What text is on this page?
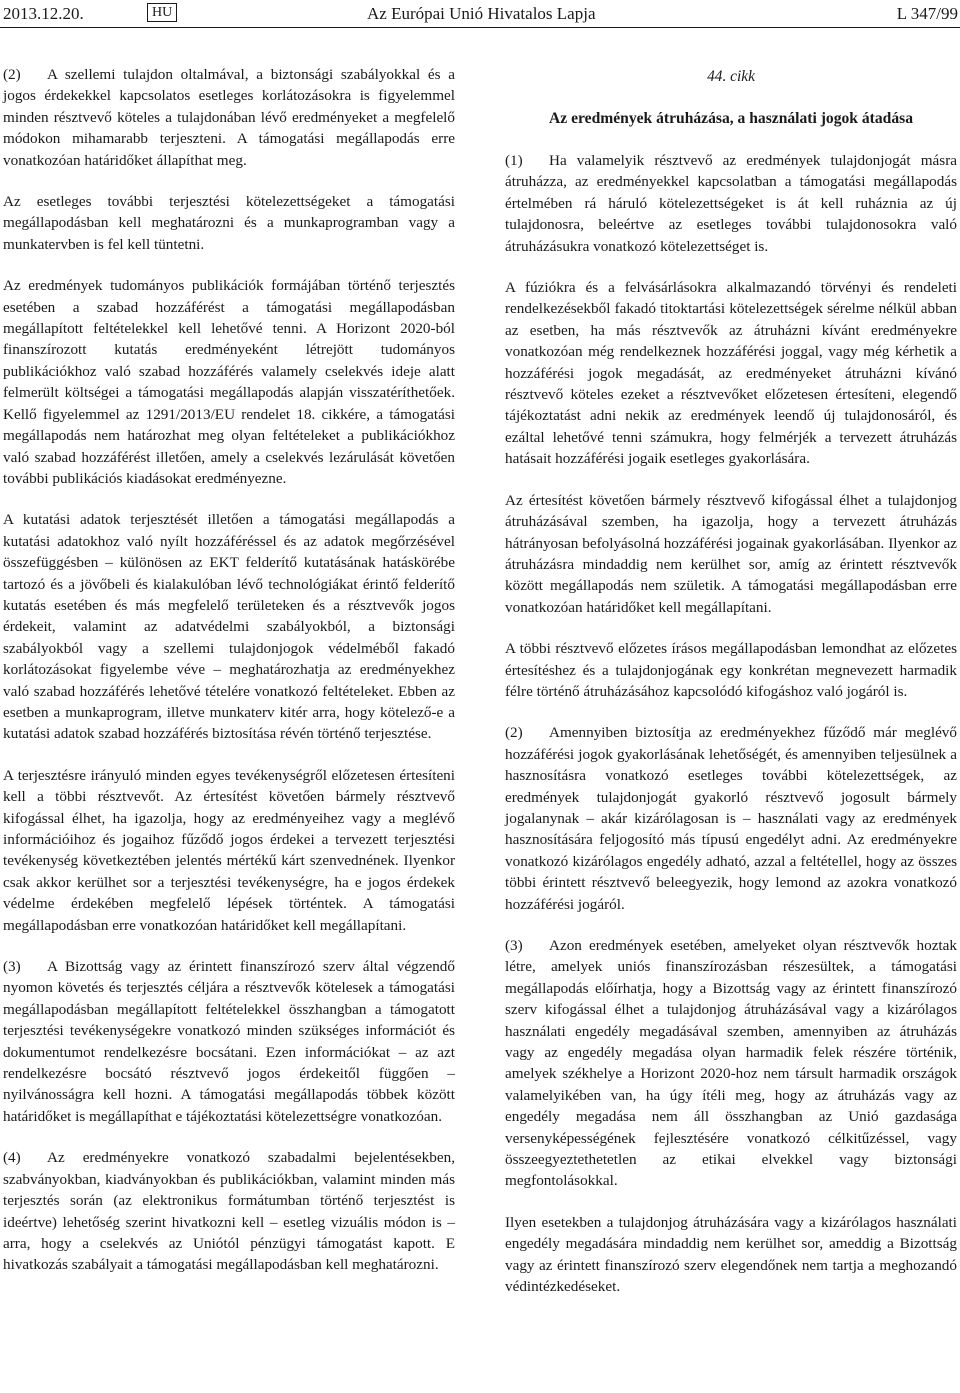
2013.12.20.	HU	Az Európai Unió Hivatalos Lapja	L 347/99

(2) A szellemi tulajdon oltalmával, a biztonsági szabályokkal és a jogos érdekekkel kapcsolatos esetleges korlátozásokra is figyelemmel minden résztvevő köteles a tulajdonában lévő eredményeket a megfelelő módokon mihamarabb terjeszteni. A támogatási megállapodás erre vonatkozóan határidőket állapíthat meg.

Az esetleges további terjesztési kötelezettségeket a támogatási megállapodásban kell meghatározni és a munkaprogramban vagy a munkatervben is fel kell tüntetni.

Az eredmények tudományos publikációk formájában történő terjesztés esetében a szabad hozzáférést a támogatási megállapodásban megállapított feltételekkel kell lehetővé tenni. A Horizont 2020-ból finanszírozott kutatás eredményeként létrejött tudományos publikációkhoz való szabad hozzáférés valamely cselekvés ideje alatt felmerült költségei a támogatási megállapodás alapján visszatéríthetőek. Kellő figyelemmel az 1291/2013/EU rendelet 18. cikkére, a támogatási megállapodás nem határozhat meg olyan feltételeket a publikációkhoz való szabad hozzáférést illetően, amely a cselekvés lezárulását követően további publikációs kiadásokat eredményezne.

A kutatási adatok terjesztését illetően a támogatási megállapodás a kutatási adatokhoz való nyílt hozzáféréssel és az adatok megőrzésével összefüggésben – különösen az EKT felderítő kutatásának hatáskörébe tartozó és a jövőbeli és kialakulóban lévő technológiákat érintő felderítő kutatás esetében és más megfelelő területeken és a résztvevők jogos érdekeit, valamint az adatvédelmi szabályokból, a biztonsági szabályokból vagy a szellemi tulajdonjogok védelméből fakadó korlátozásokat figyelembe véve – meghatározhatja az eredményekhez való szabad hozzáférés lehetővé tételére vonatkozó feltételeket. Ebben az esetben a munkaprogram, illetve munkaterv kitér arra, hogy kötelező-e a kutatási adatok szabad hozzáférés biztosítása révén történő terjesztése.

A terjesztésre irányuló minden egyes tevékenységről előzetesen értesíteni kell a többi résztvevőt. Az értesítést követően bármely résztvevő kifogással élhet, ha igazolja, hogy az eredményeihez vagy a meglévő információihoz és jogaihoz fűződő jogos érdekei a tervezett terjesztési tevékenység következtében jelentés mértékű kárt szenvednének. Ilyenkor csak akkor kerülhet sor a terjesztési tevékenységre, ha e jogos érdekek védelme érdekében megfelelő lépések történtek. A támogatási megállapodásban erre vonatkozóan határidőket kell megállapítani.

(3) A Bizottság vagy az érintett finanszírozó szerv által végzendő nyomon követés és terjesztés céljára a résztvevők kötelesek a támogatási megállapodásban megállapított feltételekkel összhangban a támogatott terjesztési tevékenységekre vonatkozó minden szükséges információt és dokumentumot rendelkezésre bocsátani. Ezen információkat – az azt rendelkezésre bocsátó résztvevő jogos érdekeitől függően – nyilvánosságra kell hozni. A támogatási megállapodás többek között határidőket is megállapíthat e tájékoztatási kötelezettségre vonatkozóan.

(4) Az eredményekre vonatkozó szabadalmi bejelentésekben, szabványokban, kiadványokban és publikációkban, valamint minden más terjesztés során (az elektronikus formátumban történő terjesztést is ideértve) lehetőség szerint hivatkozni kell – esetleg vizuális módon is – arra, hogy a cselekvés az Uniótól pénzügyi támogatást kapott. E hivatkozás szabályait a támogatási megállapodásban kell meghatározni.

44. cikk

Az eredmények átruházása, a használati jogok átadása

(1) Ha valamelyik résztvevő az eredmények tulajdonjogát másra átruházza, az eredményekkel kapcsolatban a támogatási megállapodás értelmében rá háruló kötelezettségeket is át kell ruháznia az új tulajdonosra, beleértve az esetleges további tulajdonosokra való átruházásukra vonatkozó kötelezettséget is.

A fúziókra és a felvásárlásokra alkalmazandó törvényi és rendeleti rendelkezésekből fakadó titoktartási kötelezettségek sérelme nélkül abban az esetben, ha más résztvevők az átruházni kívánt eredményekre vonatkozóan még rendelkeznek hozzáférési joggal, vagy még kérhetik a hozzáférési jogok megadását, az eredményeket átruházni kívánó résztvevő köteles ezeket a résztvevőket előzetesen értesíteni, elegendő tájékoztatást adni nekik az eredmények leendő új tulajdonosáról, és ezáltal lehetővé tenni számukra, hogy felmérjék a tervezett átruházás hatásait hozzáférési jogaik esetleges gyakorlására.

Az értesítést követően bármely résztvevő kifogással élhet a tulajdonjog átruházásával szemben, ha igazolja, hogy a tervezett átruházás hátrányosan befolyásolná hozzáférési jogainak gyakorlásában. Ilyenkor az átruházásra mindaddig nem kerülhet sor, amíg az érintett résztvevők között megállapodás nem születik. A támogatási megállapodásban erre vonatkozóan határidőket kell megállapítani.

A többi résztvevő előzetes írásos megállapodásban lemondhat az előzetes értesítéshez és a tulajdonjogának egy konkrétan megnevezett harmadik félre történő átruházásához kapcsolódó kifogáshoz való jogáról is.

(2) Amennyiben biztosítja az eredményekhez fűződő már meglévő hozzáférési jogok gyakorlásának lehetőségét, és amennyiben teljesülnek a hasznosításra vonatkozó esetleges további kötelezettségek, az eredmények tulajdonjogát gyakorló résztvevő jogosult bármely jogalanynak – akár kizárólagosan is – használati vagy az eredmények hasznosítására feljogosító más típusú engedélyt adni. Az eredményekre vonatkozó kizárólagos engedély adható, azzal a feltétellel, hogy az összes többi érintett résztvevő beleegyezik, hogy lemond az azokra vonatkozó hozzáférési jogáról.

(3) Azon eredmények esetében, amelyeket olyan résztvevők hoztak létre, amelyek uniós finanszírozásban részesültek, a támogatási megállapodás előírhatja, hogy a Bizottság vagy az érintett finanszírozó szerv kifogással élhet a tulajdonjog átruházásával vagy a kizárólagos használati engedély megadásával szemben, amennyiben az átruházás vagy az engedély megadása olyan harmadik felek részére történik, amelyek székhelye a Horizont 2020-hoz nem társult harmadik országok valamelyikében van, ha úgy ítéli meg, hogy az átruházás vagy az engedély megadása nem áll összhangban az Unió gazdasága versenyképességének fejlesztésére vonatkozó célkitűzéssel, vagy összeegyeztethetetlen az etikai elvekkel vagy biztonsági megfontolásokkal.

Ilyen esetekben a tulajdonjog átruházására vagy a kizárólagos használati engedély megadására mindaddig nem kerülhet sor, ameddig a Bizottság vagy az érintett finanszírozó szerv elegendőnek nem tartja a meghozandó védintézkedéseket.
